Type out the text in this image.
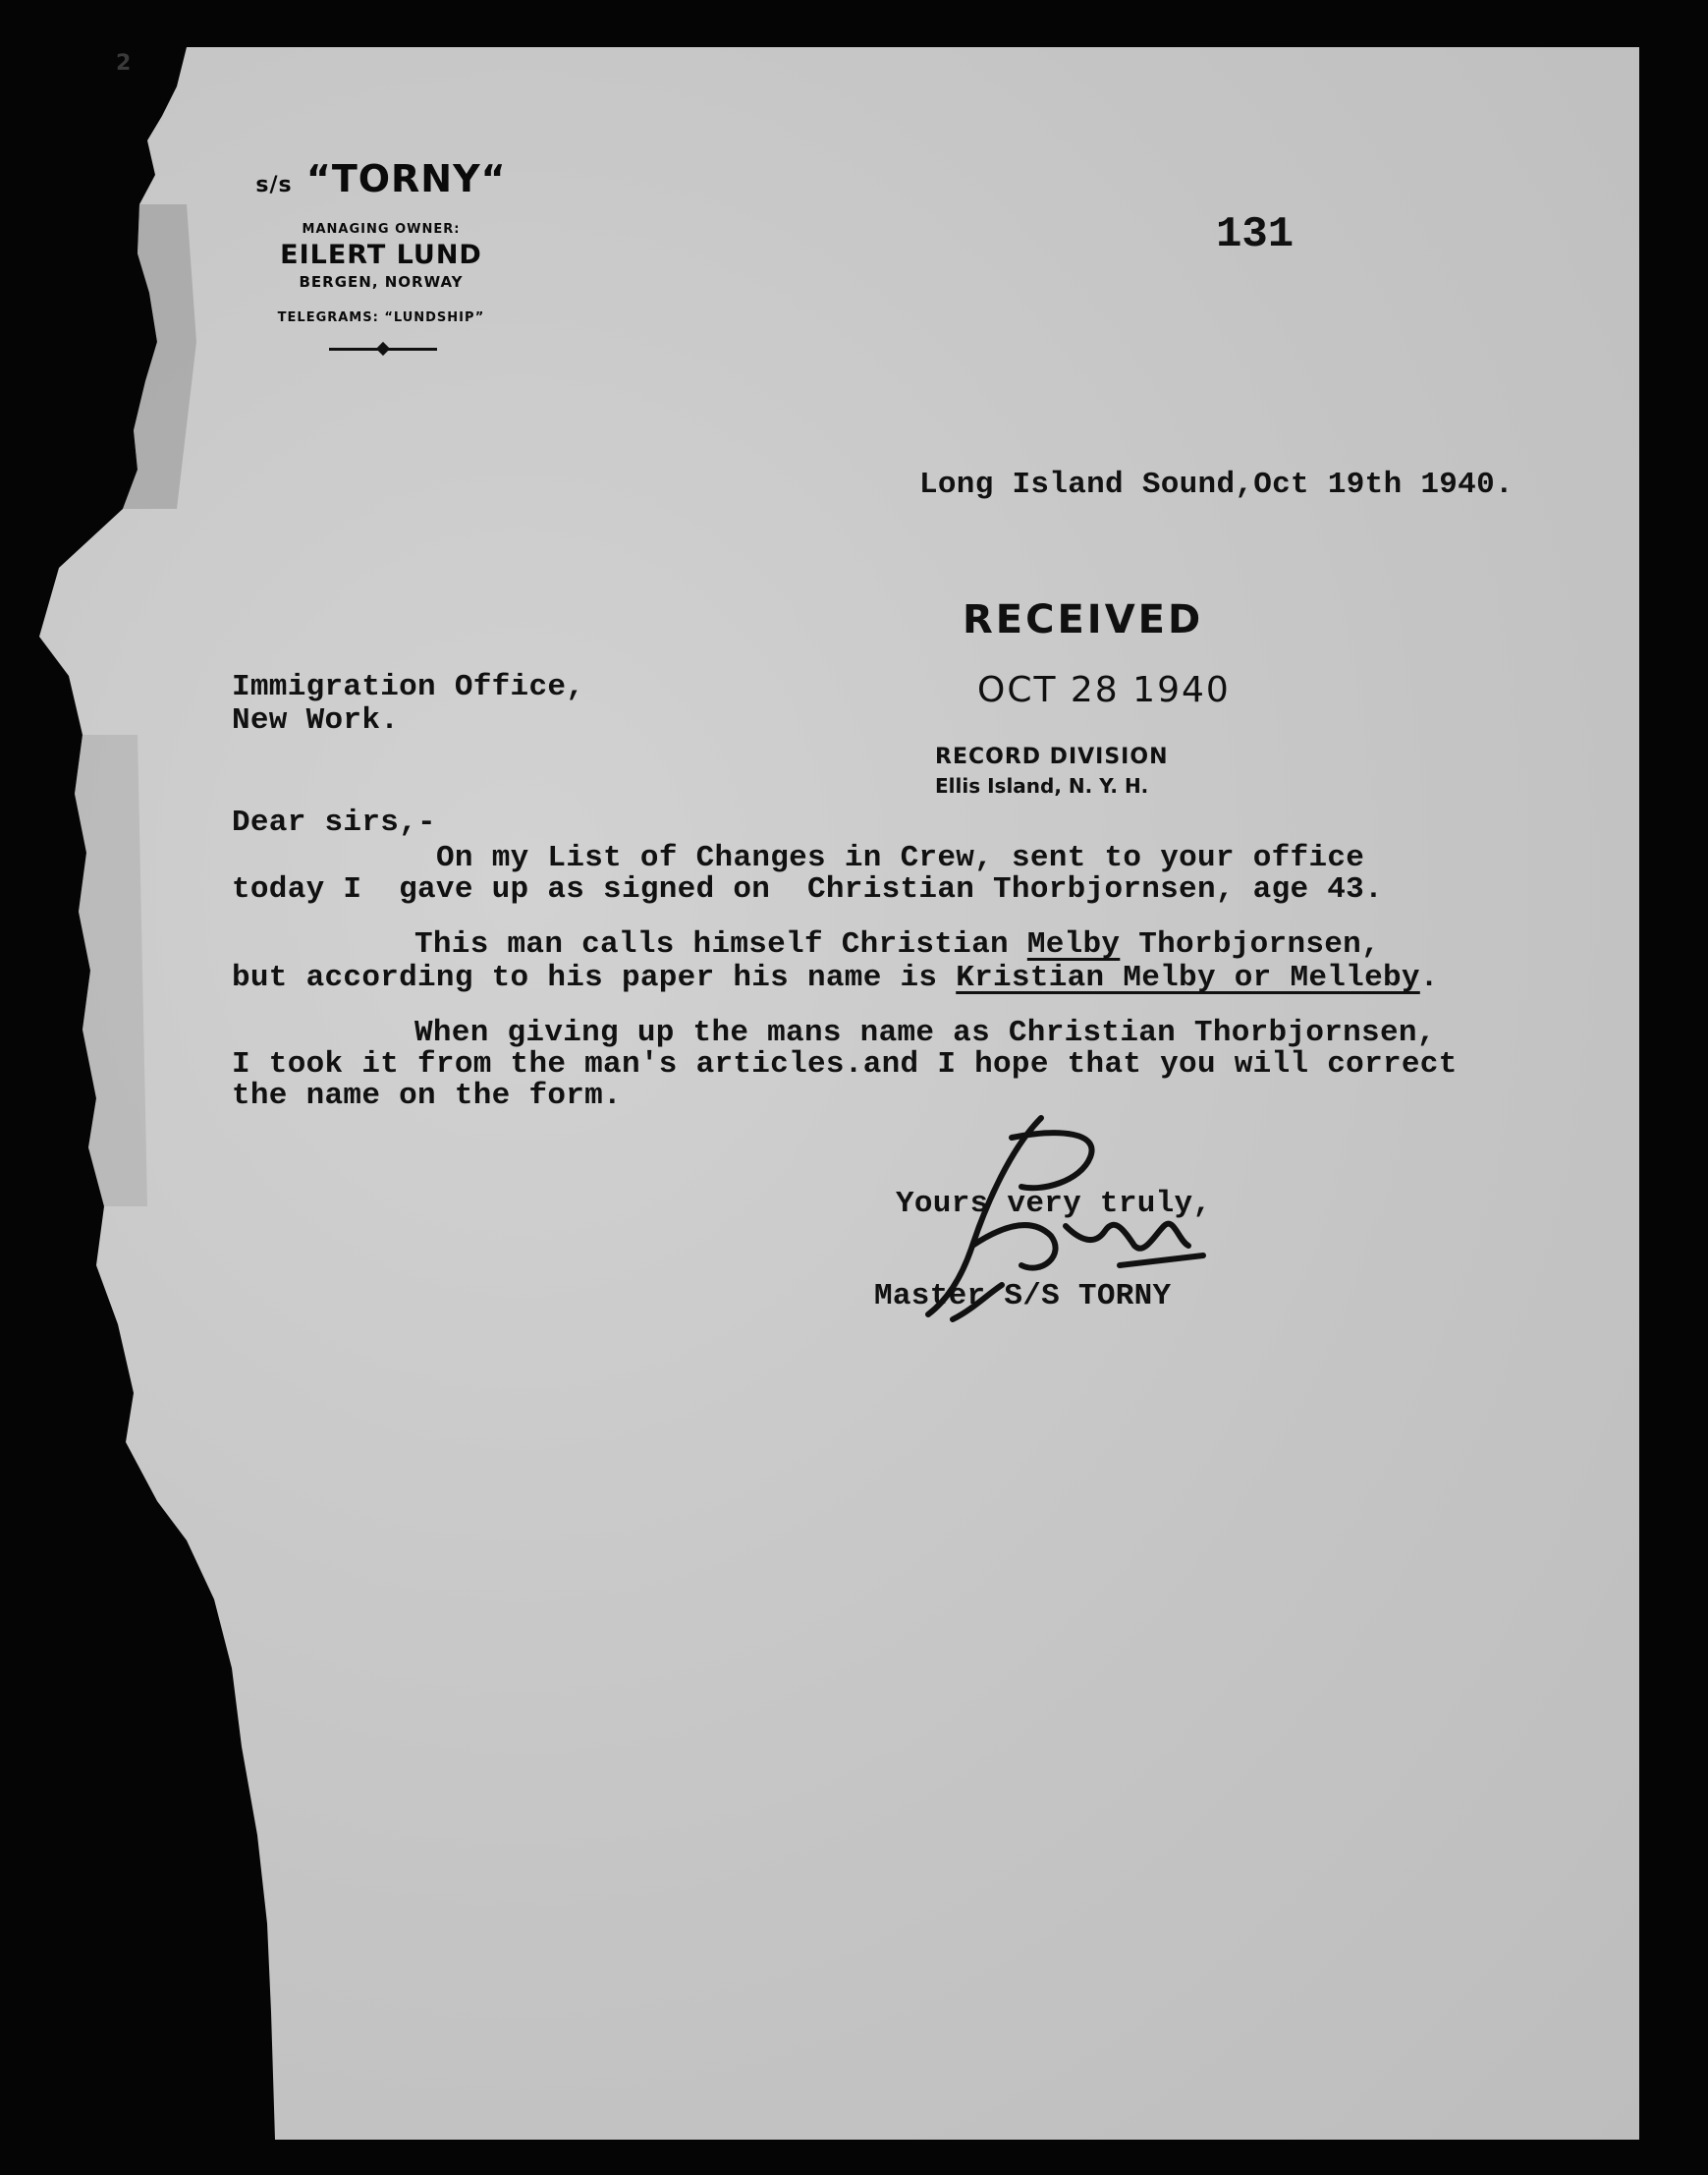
2
s/s “TORNY“
MANAGING OWNER:
EILERT LUND
BERGEN, NORWAY
TELEGRAMS: “LUNDSHIP”
131
Long Island Sound,Oct 19th 1940.
RECEIVED
OCT 28 1940
RECORD DIVISION
Ellis Island, N. Y. H.
Immigration Office,
New Work.
Dear sirs,-
On my List of Changes in Crew, sent to your office
today I  gave up as signed on  Christian Thorbjornsen, age 43.
This man calls himself Christian Melby Thorbjornsen,
but according to his paper his name is Kristian Melby or Melleby.
When giving up the mans name as Christian Thorbjornsen,
I took it from the man's articles.and I hope that you will correct
the name on the form.
Yours very truly,
Master S/S TORNY
